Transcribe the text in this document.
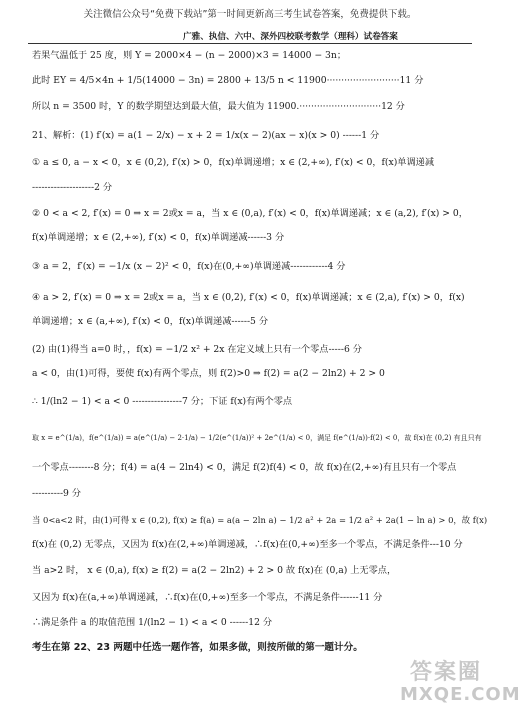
关注微信公众号“免费下载站”第一时间更新高三考生试卷答案，免费提供下载。
广雅、执信、六中、深外四校联考数学（理科）试卷答案
若果气温低于 25 度，则 Y = 2000×4 − (n − 2000)×3 = 14000 − 3n；
此时 EY = 4/5×4n + 1/5(14000 − 3n) = 2800 + 13/5 n < 11900·························11 分
所以 n = 3500 时，Y 的数学期望达到最大值，最大值为 11900.····························12 分
21、解析：(1) f′(x) = a(1 − 2/x) − x + 2 = 1/x(x − 2)(ax − x)(x > 0) ------1 分
① a ≤ 0, a − x < 0，x ∈ (0,2), f′(x) > 0，f(x)单调递增；x ∈ (2,+∞), f′(x) < 0，f(x)单调递减
--------------------2 分
② 0 < a < 2, f′(x) = 0 ⇒ x = 2或x = a，当 x ∈ (0,a), f′(x) < 0，f(x)单调递减；x ∈ (a,2), f′(x) > 0，
f(x)单调递增；x ∈ (2,+∞), f′(x) < 0，f(x)单调递减------3 分
③ a = 2，f′(x) = −1/x (x − 2)² < 0，f(x)在(0,+∞)单调递减------------4 分
④ a > 2, f′(x) = 0 ⇒ x = 2或x = a，当 x ∈ (0,2), f′(x) < 0，f(x)单调递减；x ∈ (2,a), f′(x) > 0，f(x)
单调递增；x ∈ (a,+∞), f′(x) < 0，f(x)单调递减------5 分
(2) 由(1)得当 a=0 时，，f(x) = −1/2 x² + 2x 在定义域上只有一个零点-----6 分
a < 0，由(1)可得，要使 f(x)有两个零点，则 f(2)>0 ⇒ f(2) = a(2 − 2ln2) + 2 > 0
∴ 1/(ln2 − 1) < a < 0 ----------------7 分；下证 f(x)有两个零点
取 x = e^(1/a)，f(e^(1/a)) = a(e^(1/a) − 2·1/a) − 1/2(e^(1/a))² + 2e^(1/a) < 0，满足 f(e^(1/a))·f(2) < 0，故 f(x)在 (0,2) 有且只有
一个零点--------8 分；f(4) = a(4 − 2ln4) < 0，满足 f(2)f(4) < 0，故 f(x)在(2,+∞)有且只有一个零点
----------9 分
当 0<a<2 时，由(1)可得 x ∈ (0,2), f(x) ≥ f(a) = a(a − 2ln a) − 1/2 a² + 2a = 1/2 a² + 2a(1 − ln a) > 0，故 f(x)
f(x)在 (0,2) 无零点，又因为 f(x)在(2,+∞)单调递减，∴f(x)在(0,+∞)至多一个零点，不满足条件---10 分
当 a>2 时， x ∈ (0,a), f(x) ≥ f(2) = a(2 − 2ln2) + 2 > 0 故 f(x)在 (0,a) 上无零点，
又因为 f(x)在(a,+∞)单调递减，∴f(x)在(0,+∞)至多一个零点，不满足条件------11 分
∴满足条件 a 的取值范围 1/(ln2 − 1) < a < 0 ------12 分
考生在第 22、23 两题中任选一题作答，如果多做，则按所做的第一题计分。
答案圈
MXQE.COM
